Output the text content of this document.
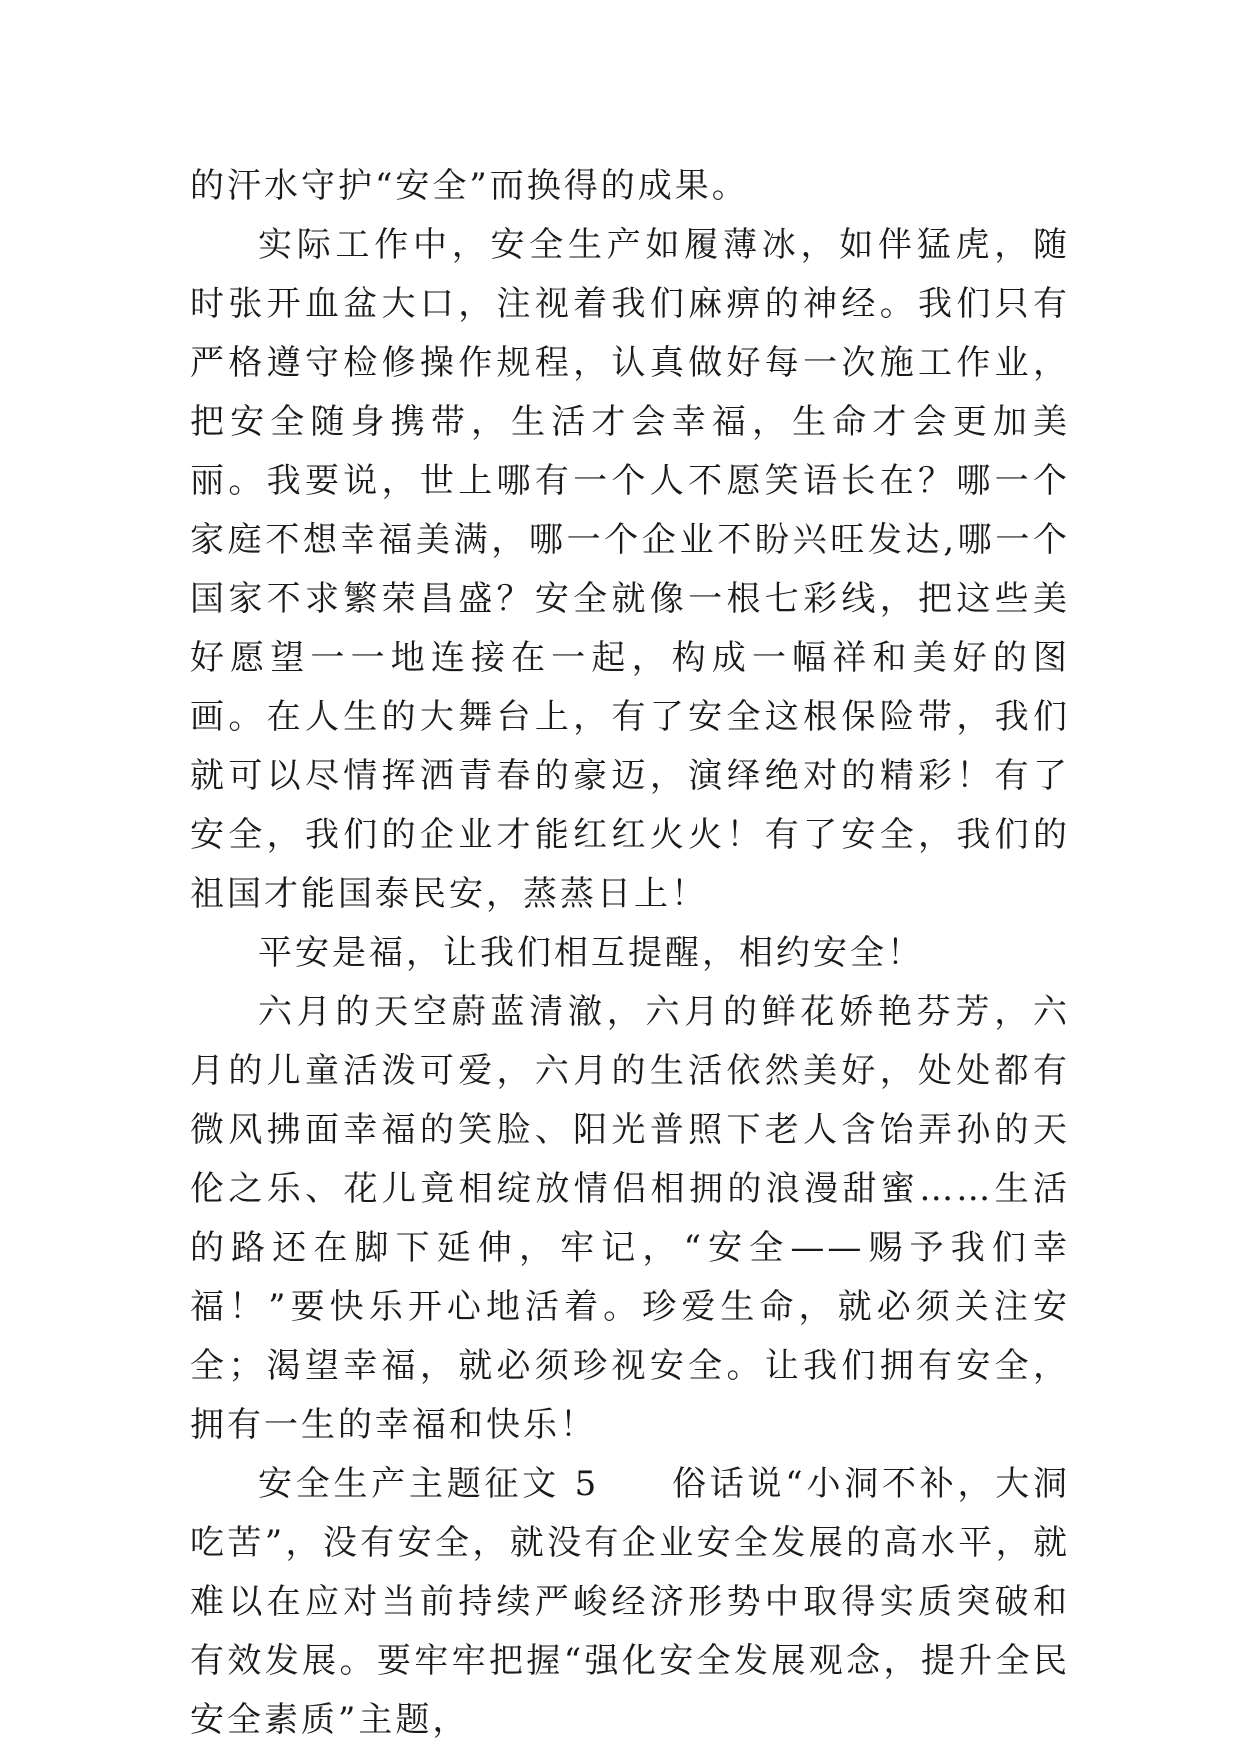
的汗水守护“安全”而换得的成果。

实际工作中，安全生产如履薄冰，如伴猛虎，随时张开血盆大口，注视着我们麻痹的神经。我们只有严格遵守检修操作规程，认真做好每一次施工作业，把安全随身携带，生活才会幸福，生命才会更加美丽。我要说，世上哪有一个人不愿笑语长在？哪一个家庭不想幸福美满，哪一个企业不盼兴旺发达,哪一个国家不求繁荣昌盛？安全就像一根七彩线，把这些美好愿望一一地连接在一起，构成一幅祥和美好的图画。在人生的大舞台上，有了安全这根保险带，我们就可以尽情挥洒青春的豪迈，演绎绝对的精彩！有了安全，我们的企业才能红红火火！有了安全，我们的祖国才能国泰民安，蒸蒸日上！

平安是福，让我们相互提醒，相约安全！

六月的天空蔚蓝清澈，六月的鲜花娇艳芬芳，六月的儿童活泼可爱，六月的生活依然美好，处处都有微风拂面幸福的笑脸、阳光普照下老人含饴弄孙的天伦之乐、花儿竟相绽放情侣相拥的浪漫甜蜜……生活的路还在脚下延伸，牢记，“安全——赐予我们幸福！”要快乐开心地活着。珍爱生命，就必须关注安全；渴望幸福，就必须珍视安全。让我们拥有安全，拥有一生的幸福和快乐！

安全生产主题征文 5 俗话说“小洞不补，大洞吃苦”，没有安全，就没有企业安全发展的高水平，就难以在应对当前持续严峻经济形势中取得实质突破和有效发展。要牢牢把握“强化安全发展观念，提升全民安全素质”主题，
